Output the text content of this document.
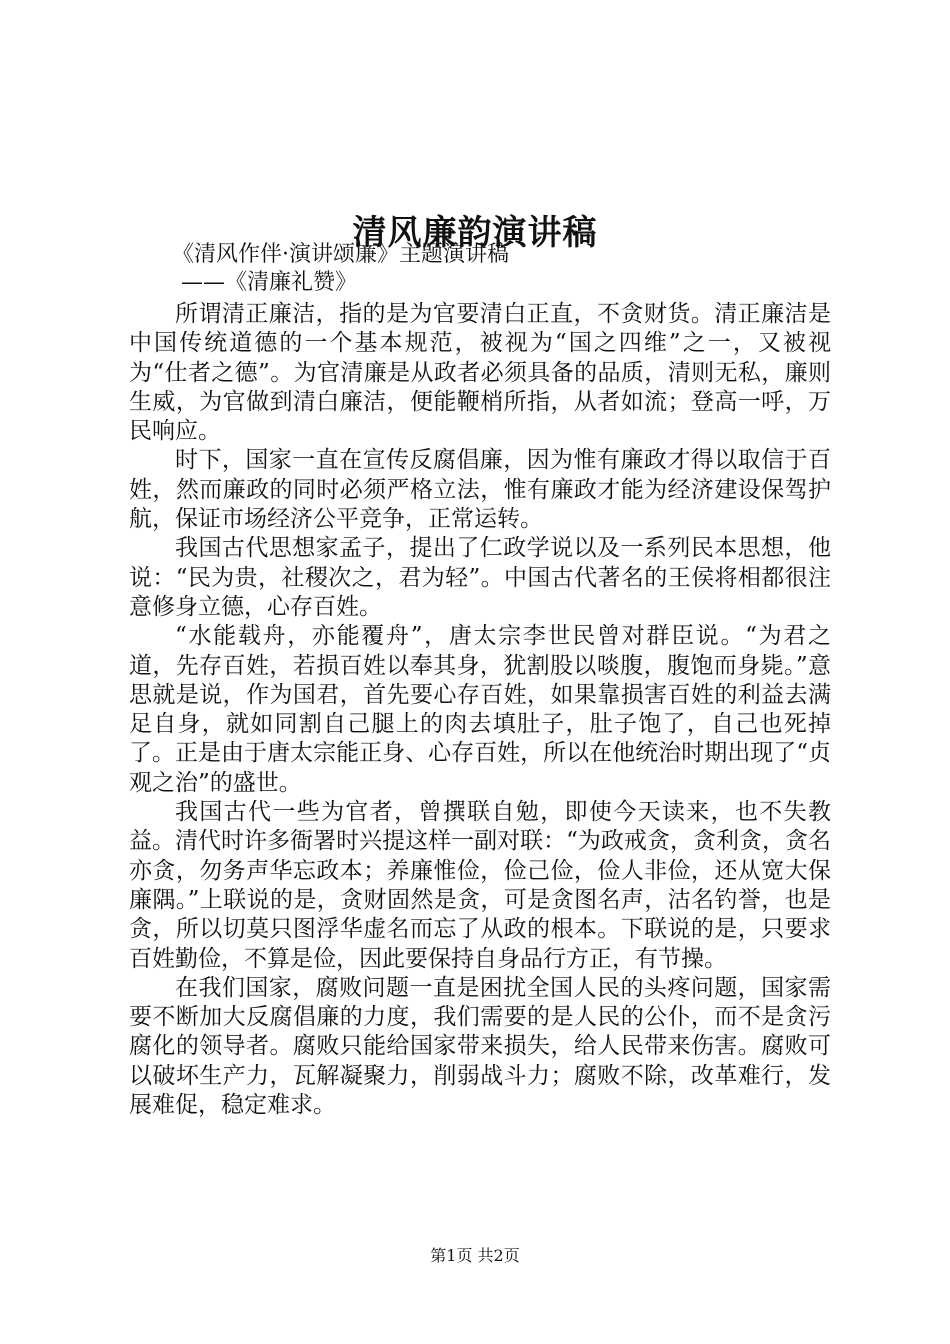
清风廉韵演讲稿
《清风作伴·演讲颂廉》主题演讲稿
——《清廉礼赞》

所谓清正廉洁，指的是为官要清白正直，不贪财货。清正廉洁是中国传统道德的一个基本规范，被视为“国之四维”之一，又被视为“仕者之德”。为官清廉是从政者必须具备的品质，清则无私，廉则生威，为官做到清白廉洁，便能鞭梢所指，从者如流；登高一呼，万民响应。

时下，国家一直在宣传反腐倡廉，因为惟有廉政才得以取信于百姓，然而廉政的同时必须严格立法，惟有廉政才能为经济建设保驾护航，保证市场经济公平竞争，正常运转。

我国古代思想家孟子，提出了仁政学说以及一系列民本思想，他说：“民为贵，社稷次之，君为轻”。中国古代著名的王侯将相都很注意修身立德，心存百姓。

“水能载舟，亦能覆舟”，唐太宗李世民曾对群臣说。“为君之道，先存百姓，若损百姓以奉其身，犹割股以啖腹，腹饱而身毙。”意思就是说，作为国君，首先要心存百姓，如果靠损害百姓的利益去满足自身，就如同割自己腿上的肉去填肚子，肚子饱了，自己也死掉了。正是由于唐太宗能正身、心存百姓，所以在他统治时期出现了“贞观之治”的盛世。

我国古代一些为官者，曾撰联自勉，即使今天读来，也不失教益。清代时许多衙署时兴提这样一副对联：“为政戒贪，贪利贪，贪名亦贪，勿务声华忘政本；养廉惟俭，俭己俭，俭人非俭，还从宽大保廉隅。”上联说的是，贪财固然是贪，可是贪图名声，沽名钓誉，也是贪，所以切莫只图浮华虚名而忘了从政的根本。下联说的是，只要求百姓勤俭，不算是俭，因此要保持自身品行方正，有节操。

在我们国家，腐败问题一直是困扰全国人民的头疼问题，国家需要不断加大反腐倡廉的力度，我们需要的是人民的公仆，而不是贪污腐化的领导者。腐败只能给国家带来损失，给人民带来伤害。腐败可以破坏生产力，瓦解凝聚力，削弱战斗力；腐败不除，改革难行，发展难促，稳定难求。

第1页 共2页
